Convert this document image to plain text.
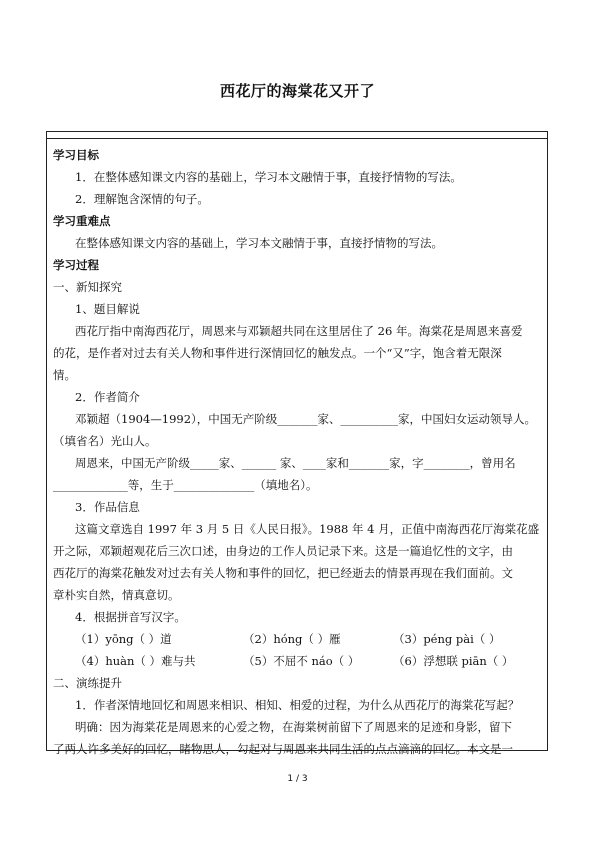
西花厅的海棠花又开了
学习目标
1．在整体感知课文内容的基础上，学习本文融情于事，直接抒情物的写法。
2．理解饱含深情的句子。
学习重难点
在整体感知课文内容的基础上，学习本文融情于事，直接抒情物的写法。
学习过程
一、新知探究
1、题目解说
西花厅指中南海西花厅，周恩来与邓颖超共同在这里居住了 26 年。海棠花是周恩来喜爱
的花，是作者对过去有关人物和事件进行深情回忆的触发点。一个“又”字，饱含着无限深
情。
2．作者简介
邓颖超（1904—1992），中国无产阶级_______家、__________家，中国妇女运动领导人。
（填省名）光山人。
周恩来，中国无产阶级_____家、______ 家、____家和_______家，字________，曾用名
_____________等，生于______________（填地名）。
3．作品信息
这篇文章选自 1997 年 3 月 5 日《人民日报》。1988 年 4 月，正值中南海西花厅海棠花盛
开之际，邓颖超观花后三次口述，由身边的工作人员记录下来。这是一篇追忆性的文字，由
西花厅的海棠花触发对过去有关人物和事件的回忆，把已经逝去的情景再现在我们面前。文
章朴实自然，情真意切。
4．根据拼音写汉字。
（1）yōng（ ）道	（2）hóng（ ）雁	（3）péng pài（ ）
（4）huàn（ ）难与共	（5）不屈不 náo（ ）	（6）浮想联 piān（ ）
二、演练提升
1．作者深情地回忆和周恩来相识、相知、相爱的过程，为什么从西花厅的海棠花写起？
明确：因为海棠花是周恩来的心爱之物，在海棠树前留下了周恩来的足迹和身影，留下
了两人许多美好的回忆，睹物思人，勾起对与周恩来共同生活的点点滴滴的回忆。本文是一
1 / 3
